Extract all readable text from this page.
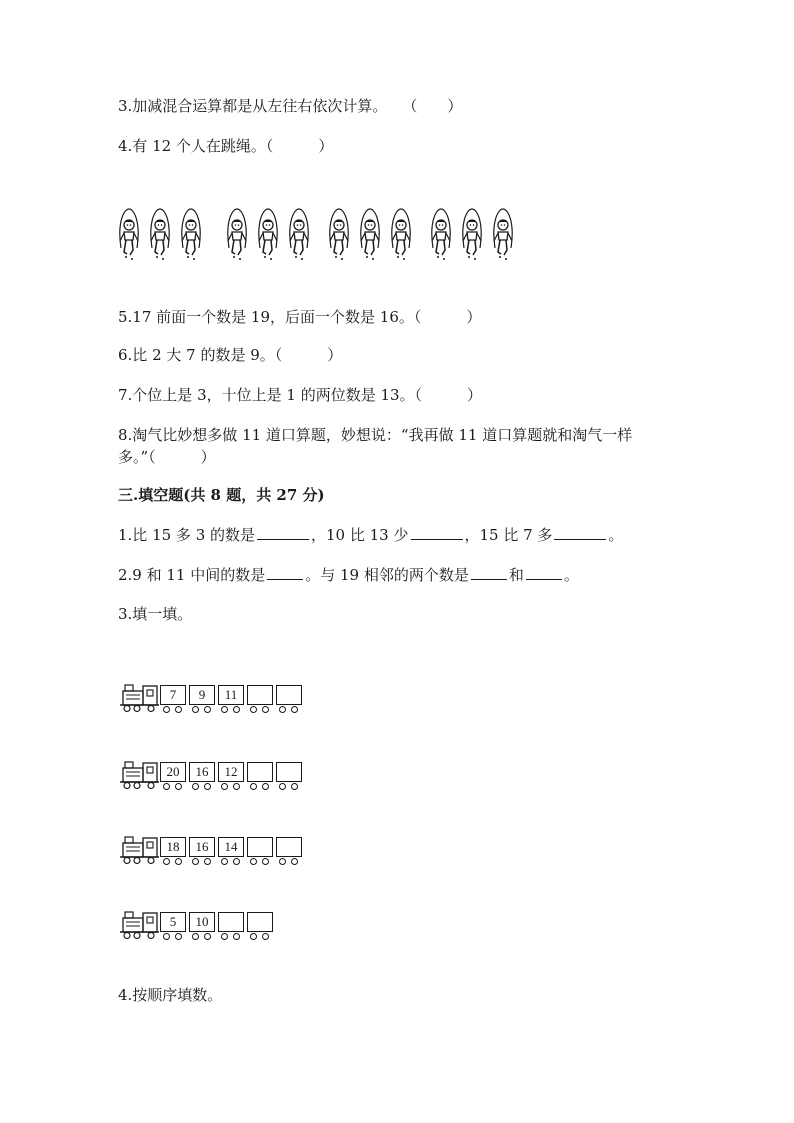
3.加减混合运算都是从左往右依次计算。　　（　　）
4.有 12 个人在跳绳。（　　　）
5.17 前面一个数是 19，后面一个数是 16。（　　　）
6.比 2 大 7 的数是 9。（　　　）
7.个位上是 3，十位上是 1 的两位数是 13。（　　　）
8.淘气比妙想多做 11 道口算题，妙想说：“我再做 11 道口算题就和淘气一样多。”（　　　）
三.填空题(共 8 题，共 27 分)
1.比 15 多 3 的数是	，10 比 13 少	，15 比 7 多	。
2.9 和 11 中间的数是	。与 19 相邻的两个数是	和	。
3.填一填。
7	9	11
20	16	12
18	16	14
5	10
4.按顺序填数。
